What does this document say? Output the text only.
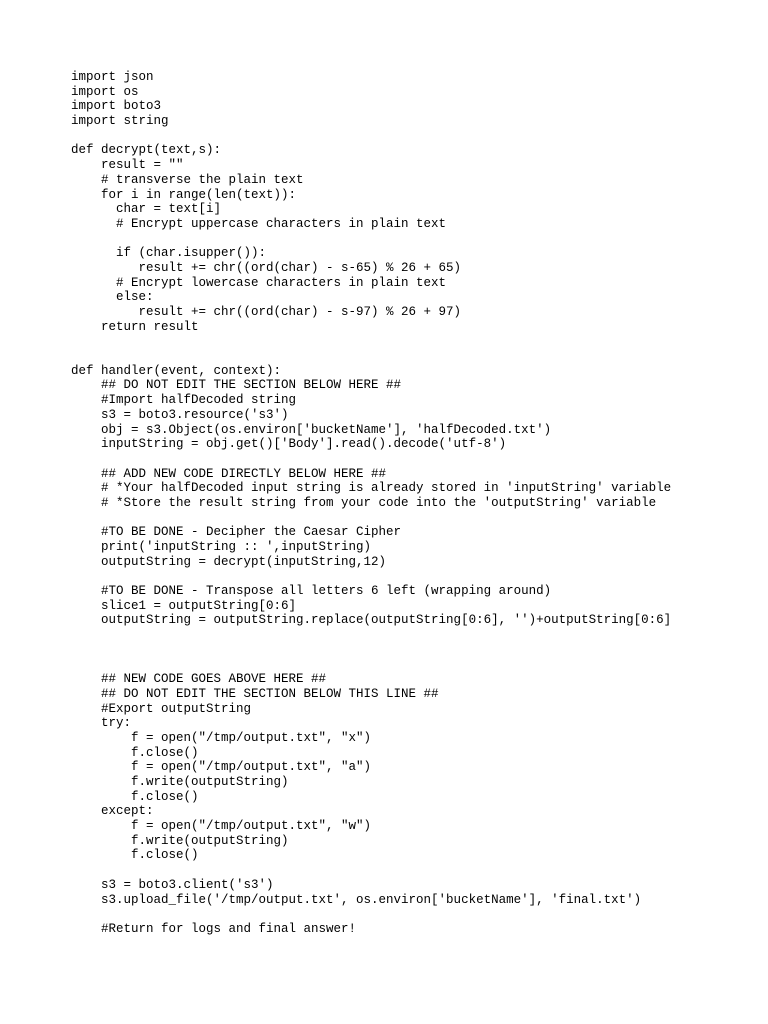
import json
import os
import boto3
import string
def decrypt(text,s):
result = ""
# transverse the plain text
for i in range(len(text)):
char = text[i]
# Encrypt uppercase characters in plain text
if (char.isupper()):
result += chr((ord(char) - s-65) % 26 + 65)
# Encrypt lowercase characters in plain text
else:
result += chr((ord(char) - s-97) % 26 + 97)
return result
def handler(event, context):
## DO NOT EDIT THE SECTION BELOW HERE ##
#Import halfDecoded string
s3 = boto3.resource('s3')
obj = s3.Object(os.environ['bucketName'], 'halfDecoded.txt')
inputString = obj.get()['Body'].read().decode('utf-8')
## ADD NEW CODE DIRECTLY BELOW HERE ##
# *Your halfDecoded input string is already stored in 'inputString' variable
# *Store the result string from your code into the 'outputString' variable
#TO BE DONE - Decipher the Caesar Cipher
print('inputString :: ',inputString)
outputString = decrypt(inputString,12)
#TO BE DONE - Transpose all letters 6 left (wrapping around)
slice1 = outputString[0:6]
outputString = outputString.replace(outputString[0:6], '')+outputString[0:6]
## NEW CODE GOES ABOVE HERE ##
## DO NOT EDIT THE SECTION BELOW THIS LINE ##
#Export outputString
try:
f = open("/tmp/output.txt", "x")
f.close()
f = open("/tmp/output.txt", "a")
f.write(outputString)
f.close()
except:
f = open("/tmp/output.txt", "w")
f.write(outputString)
f.close()
s3 = boto3.client('s3')
s3.upload_file('/tmp/output.txt', os.environ['bucketName'], 'final.txt')
#Return for logs and final answer!
